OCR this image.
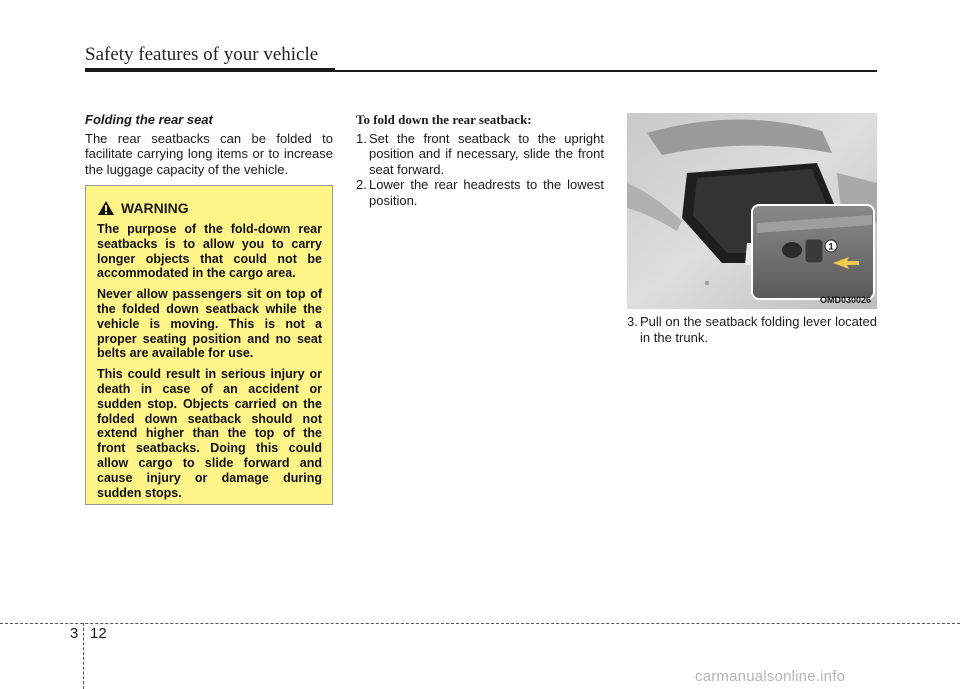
Safety features of your vehicle

Folding the rear seat

The rear seatbacks can be folded to facilitate carrying long items or to increase the luggage capacity of the vehicle.

WARNING

The purpose of the fold-down rear seatbacks is to allow you to carry longer objects that could not be accommodated in the cargo area.

Never allow passengers sit on top of the folded down seatback while the vehicle is moving. This is not a proper seating position and no seat belts are available for use.

This could result in serious injury or death in case of an accident or sudden stop. Objects carried on the folded down seatback should not extend higher than the top of the front seatbacks. Doing this could allow cargo to slide forward and cause injury or damage during sudden stops.

To fold down the rear seatback:

1. Set the front seatback to the upright position and if necessary, slide the front seat forward.

2. Lower the rear headrests to the lowest position.

1
OMD030026

3. Pull on the seatback folding lever located in the trunk.

3 12
carmanualsonline.info
